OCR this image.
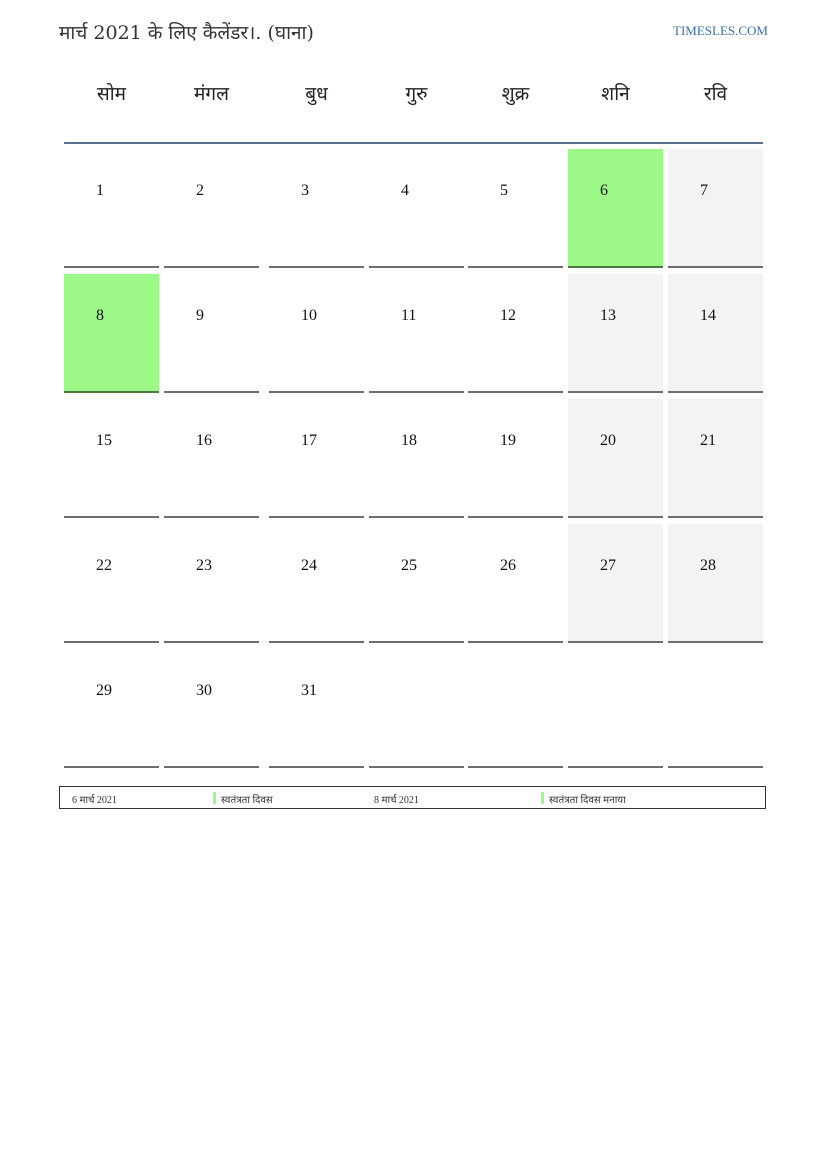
मार्च 2021 के लिए कैलेंडर।. (घाना)	TIMESLES.COM
सोम	मंगल	बुध	गुरु	शुक्र	शनि	रवि
1	2	3	4	5	6	7
8	9	10	11	12	13	14
15	16	17	18	19	20	21
22	23	24	25	26	27	28
29	30	31
6 मार्च 2021	स्वतंत्रता दिवस	8 मार्च 2021	स्वतंत्रता दिवस मनाया
